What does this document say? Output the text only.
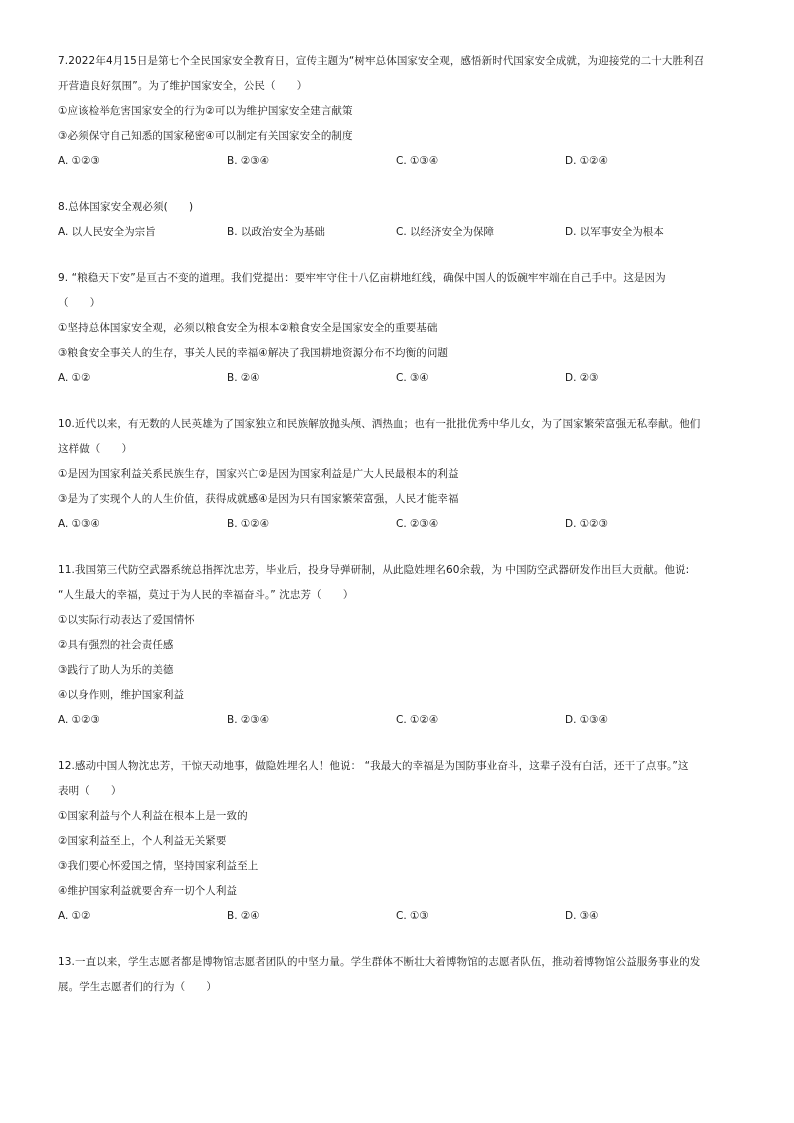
7.2022年4月15日是第七个全民国家安全教育日，宣传主题为“树牢总体国家安全观，感悟新时代国家安全成就，为迎接党的二十大胜利召
开营造良好氛围”。为了维护国家安全，公民（　　）
①应该检举危害国家安全的行为②可以为维护国家安全建言献策
③必须保守自己知悉的国家秘密④可以制定有关国家安全的制度
A. ①②③	B. ②③④	C. ①③④	D. ①②④
8.总体国家安全观必须(　　)
A. 以人民安全为宗旨	B. 以政治安全为基础	C. 以经济安全为保障	D. 以军事安全为根本
9. “粮稳天下安”是亘古不变的道理。我们党提出：要牢牢守住十八亿亩耕地红线，确保中国人的饭碗牢牢端在自己手中。这是因为
（　　）
①坚持总体国家安全观，必须以粮食安全为根本②粮食安全是国家安全的重要基础
③粮食安全事关人的生存，事关人民的幸福④解决了我国耕地资源分布不均衡的问题
A. ①②	B. ②④	C. ③④	D. ②③
10.近代以来，有无数的人民英雄为了国家独立和民族解放抛头颅、洒热血；也有一批批优秀中华儿女，为了国家繁荣富强无私奉献。他们
这样做（　　）
①是因为国家利益关系民族生存，国家兴亡②是因为国家利益是广大人民最根本的利益
③是为了实现个人的人生价值，获得成就感④是因为只有国家繁荣富强，人民才能幸福
A. ①③④	B. ①②④	C. ②③④	D. ①②③
11.我国第三代防空武器系统总指挥沈忠芳，毕业后，投身导弹研制，从此隐姓埋名60余载，为 中国防空武器研发作出巨大贡献。他说:
“人生最大的幸福，莫过于为人民的幸福奋斗。” 沈忠芳（　　）
①以实际行动表达了爱国情怀
②具有强烈的社会责任感
③践行了助人为乐的美德
④以身作则，维护国家利益
A. ①②③	B. ②③④	C. ①②④	D. ①③④
12.感动中国人物沈忠芳，干惊天动地事，做隐姓埋名人！他说： “我最大的幸福是为国防事业奋斗，这辈子没有白活，还干了点事。”这
表明（　　）
①国家利益与个人利益在根本上是一致的
②国家利益至上，个人利益无关紧要
③我们要心怀爱国之情，坚持国家利益至上
④维护国家利益就要舍弃一切个人利益
A. ①②	B. ②④	C. ①③	D. ③④
13.一直以来，学生志愿者都是博物馆志愿者团队的中坚力量。学生群体不断壮大着博物馆的志愿者队伍，推动着博物馆公益服务事业的发
展。学生志愿者们的行为（　　）
